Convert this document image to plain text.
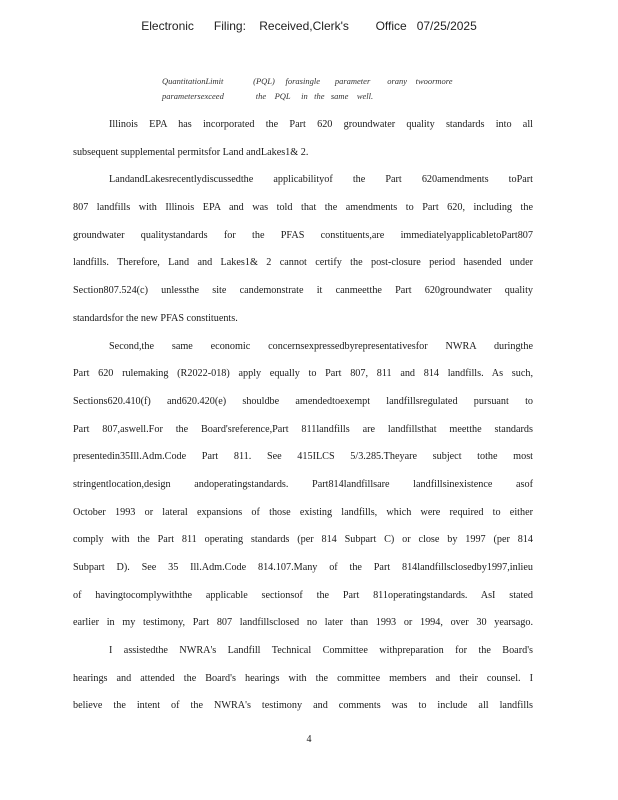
Electronic      Filing:    Received,Clerk's        Office   07/25/2025
QuantitationLimit              (PQL)     forasingle       parameter        orany    twoormore
parametersexceed               the    PQL     in   the   same    well.
Illinois EPA has incorporated the Part 620 groundwater quality standards into all
subsequent supplemental permitsfor Land andLakes1& 2.
LandandLakesrecentlydiscussedthe applicabilityof the Part 620amendments toPart
807 landfills with Illinois EPA and was told that the amendments to Part 620, including the
groundwater qualitystandards for the PFAS constituents,are immediatelyapplicabletoPart807
landfills. Therefore, Land and Lakes1& 2 cannot certify the post-closure period hasended under
Section807.524(c) unlessthe site candemonstrate it canmeetthe Part 620groundwater quality
standardsfor the new PFAS constituents.
Second,the same economic concernsexpressedbyrepresentativesfor NWRA duringthe
Part 620 rulemaking (R2022-018) apply equally to Part 807, 811 and 814 landfills. As such,
Sections620.410(f) and620.420(e) shouldbe amendedtoexempt landfillsregulated pursuant to
Part 807,aswell.For the Board'sreference,Part 811landfills are landfillsthat meetthe standards
presentedin35Ill.Adm.Code Part 811. See 415ILCS 5/3.285.Theyare subject tothe most
stringentlocation,design andoperatingstandards. Part814landfillsare landfillsinexistence asof
October 1993 or lateral expansions of those existing landfills, which were required to either
comply with the Part 811 operating standards (per 814 Subpart C) or close by 1997 (per 814
Subpart D). See 35 Ill.Adm.Code 814.107.Many of the Part 814landfillsclosedby1997,inlieu
of havingtocomplywiththe applicable sectionsof the Part 811operatingstandards. AsI stated
earlier in my testimony, Part 807 landfillsclosed no later than 1993 or 1994, over 30 yearsago.
I assistedthe NWRA's Landfill Technical Committee withpreparation for the Board's
hearings and attended the Board's hearings with the committee members and their counsel. I
believe the intent of the NWRA's testimony and comments was to include all landfills
4
